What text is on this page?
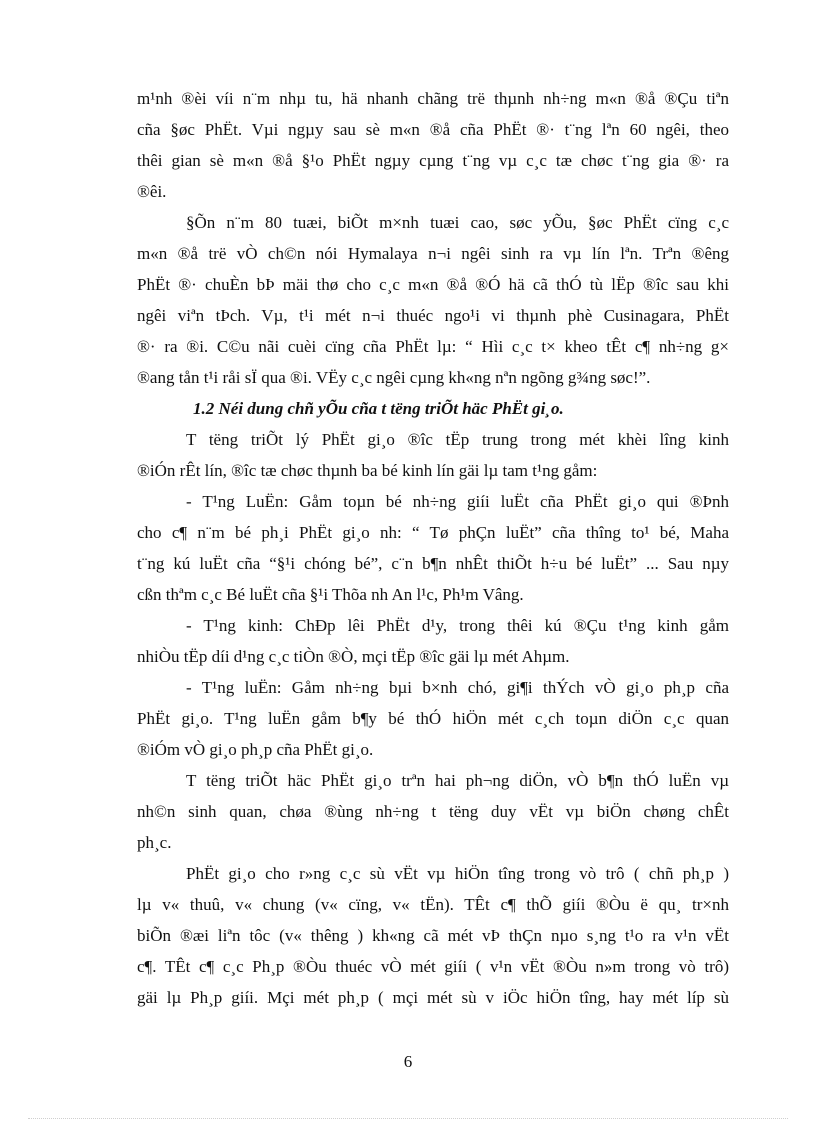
m¹nh ®èi víi n¨m nhµ tu, hä nhanh chãng trë thµnh nh÷ng m«n ®å ®Çu tiªn
cña §øc PhËt. Vµi ngµy sau sè m«n ®å cña PhËt ®· t¨ng lªn 60 ngêi, theo
thêi gian sè m«n ®å §¹o PhËt ngµy cµng t¨ng vµ c¸c tæ chøc t¨ng gia ®· ra
®êi.
§Õn n¨m 80 tuæi, biÕt m×nh tuæi cao, søc yÕu, §øc PhËt cïng c¸c
m«n ®å trë vÒ ch©n nói Hymalaya n¬i ngêi sinh ra vµ lín lªn. Trªn ®êng
PhËt ®· chuÈn bÞ mäi thø cho c¸c m«n ®å ®Ó hä cã thÓ tù lËp ®îc sau khi
ngêi viªn tÞch. Vµ, t¹i mét n¬i thuéc ngo¹i vi thµnh phè Cusinagara, PhËt
®· ra ®i. C©u nãi cuèi cïng cña PhËt lµ: “ Hìi c¸c t× kheo tÊt c¶ nh÷ng g×
®ang tån t¹i råi sÏ qua ®i. VËy c¸c ngêi cµng kh«ng nªn ngõng g¾ng søc!”.
1.2 Néi dung chñ yÕu cña t tëng triÕt häc PhËt gi¸o.
T tëng triÕt lý PhËt gi¸o ®îc tËp trung trong mét khèi lîng kinh
®iÓn rÊt lín, ®îc tæ chøc thµnh ba bé kinh lín gäi lµ tam t¹ng gåm:
- T¹ng LuËn: Gåm toµn bé nh÷ng giíi luËt cña PhËt gi¸o qui ®Þnh
cho c¶ n¨m bé ph¸i PhËt gi¸o nh: “ Tø phÇn luËt” cña thîng to¹ bé, Maha
t¨ng kú luËt cña “§¹i chóng bé”, c¨n b¶n nhÊt thiÕt h÷u bé luËt” ... Sau nµy
cßn thªm c¸c Bé luËt cña §¹i Thõa nh An l¹c, Ph¹m Vâng.
- T¹ng kinh: ChÐp lêi PhËt d¹y, trong thêi kú ®Çu t¹ng kinh gåm
nhiÒu tËp díi d¹ng c¸c tiÒn ®Ò, mçi tËp ®îc gäi lµ mét Ahµm.
- T¹ng luËn: Gåm nh÷ng bµi b×nh chó, gi¶i thÝch vÒ gi¸o ph¸p cña
PhËt gi¸o. T¹ng luËn gåm b¶y bé thÓ hiÖn mét c¸ch toµn diÖn c¸c quan
®iÓm vÒ gi¸o ph¸p cña PhËt gi¸o.
T tëng triÕt häc PhËt gi¸o trªn hai ph¬ng diÖn, vÒ b¶n thÓ luËn vµ
nh©n sinh quan, chøa ®ùng nh÷ng t tëng duy vËt vµ biÖn chøng chÊt
ph¸c.
PhËt gi¸o cho r»ng c¸c sù vËt vµ hiÖn tîng trong vò trô ( chñ ph¸p )
lµ v« thuû, v« chung (v« cïng, v« tËn). TÊt c¶ thÕ giíi ®Òu ë qu¸ tr×nh
biÕn ®æi liªn tôc (v« thêng ) kh«ng cã mét vÞ thÇn nµo s¸ng t¹o ra v¹n vËt
c¶. TÊt c¶ c¸c Ph¸p ®Òu thuéc vÒ mét giíi ( v¹n vËt ®Òu n»m trong vò trô)
gäi lµ Ph¸p giíi. Mçi mét ph¸p ( mçi mét sù v iÖc hiÖn tîng, hay mét líp sù
6
